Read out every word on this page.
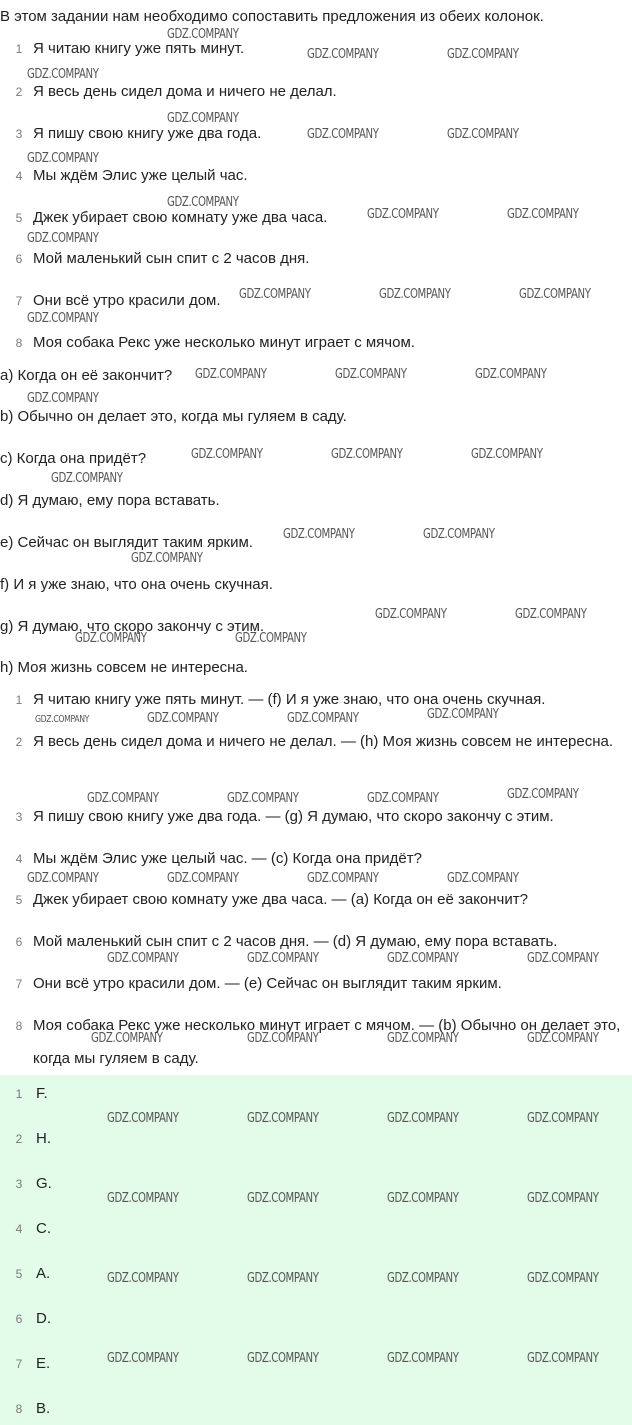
В этом задании нам необходимо сопоставить предложения из обеих колонок.
1 Я читаю книгу уже пять минут.
2 Я весь день сидел дома и ничего не делал.
3 Я пишу свою книгу уже два года.
4 Мы ждём Элис уже целый час.
5 Джек убирает свою комнату уже два часа.
6 Мой маленький сын спит с 2 часов дня.
7 Они всё утро красили дом.
8 Моя собака Рекс уже несколько минут играет с мячом.
a) Когда он её закончит?
b) Обычно он делает это, когда мы гуляем в саду.
c) Когда она придёт?
d) Я думаю, ему пора вставать.
e) Сейчас он выглядит таким ярким.
f) И я уже знаю, что она очень скучная.
g) Я думаю, что скоро закончу с этим.
h) Моя жизнь совсем не интересна.
1 Я читаю книгу уже пять минут. — (f) И я уже знаю, что она очень скучная.
2 Я весь день сидел дома и ничего не делал. — (h) Моя жизнь совсем не интересна.
3 Я пишу свою книгу уже два года. — (g) Я думаю, что скоро закончу с этим.
4 Мы ждём Элис уже целый час. — (c) Когда она придёт?
5 Джек убирает свою комнату уже два часа. — (a) Когда он её закончит?
6 Мой маленький сын спит с 2 часов дня. — (d) Я думаю, ему пора вставать.
7 Они всё утро красили дом. — (e) Сейчас он выглядит таким ярким.
8 Моя собака Рекс уже несколько минут играет с мячом. — (b) Обычно он делает это, когда мы гуляем в саду.
1 F.
2 H.
3 G.
4 C.
5 A.
6 D.
7 E.
8 B.
GDZ.COMPANY
GDZ.COMPANY	GDZ.COMPANY
GDZ.COMPANY
GDZ.COMPANY
GDZ.COMPANY	GDZ.COMPANY
GDZ.COMPANY
GDZ.COMPANY
GDZ.COMPANY	GDZ.COMPANY
GDZ.COMPANY
GDZ.COMPANY	GDZ.COMPANY	GDZ.COMPANY
GDZ.COMPANY
GDZ.COMPANY	GDZ.COMPANY	GDZ.COMPANY
GDZ.COMPANY
GDZ.COMPANY	GDZ.COMPANY	GDZ.COMPANY
GDZ.COMPANY
GDZ.COMPANY	GDZ.COMPANY
GDZ.COMPANY
GDZ.COMPANY	GDZ.COMPANY
GDZ.COMPANY	GDZ.COMPANY
GDZ.COMPANY	GDZ.COMPANY	GDZ.COMPANY	GDZ.COMPANY
GDZ.COMPANY	GDZ.COMPANY	GDZ.COMPANY	GDZ.COMPANY
GDZ.COMPANY	GDZ.COMPANY	GDZ.COMPANY	GDZ.COMPANY
GDZ.COMPANY	GDZ.COMPANY	GDZ.COMPANY	GDZ.COMPANY
GDZ.COMPANY	GDZ.COMPANY	GDZ.COMPANY	GDZ.COMPANY
GDZ.COMPANY	GDZ.COMPANY	GDZ.COMPANY	GDZ.COMPANY
GDZ.COMPANY	GDZ.COMPANY	GDZ.COMPANY	GDZ.COMPANY
GDZ.COMPANY	GDZ.COMPANY	GDZ.COMPANY	GDZ.COMPANY
GDZ.COMPANY	GDZ.COMPANY	GDZ.COMPANY	GDZ.COMPANY
